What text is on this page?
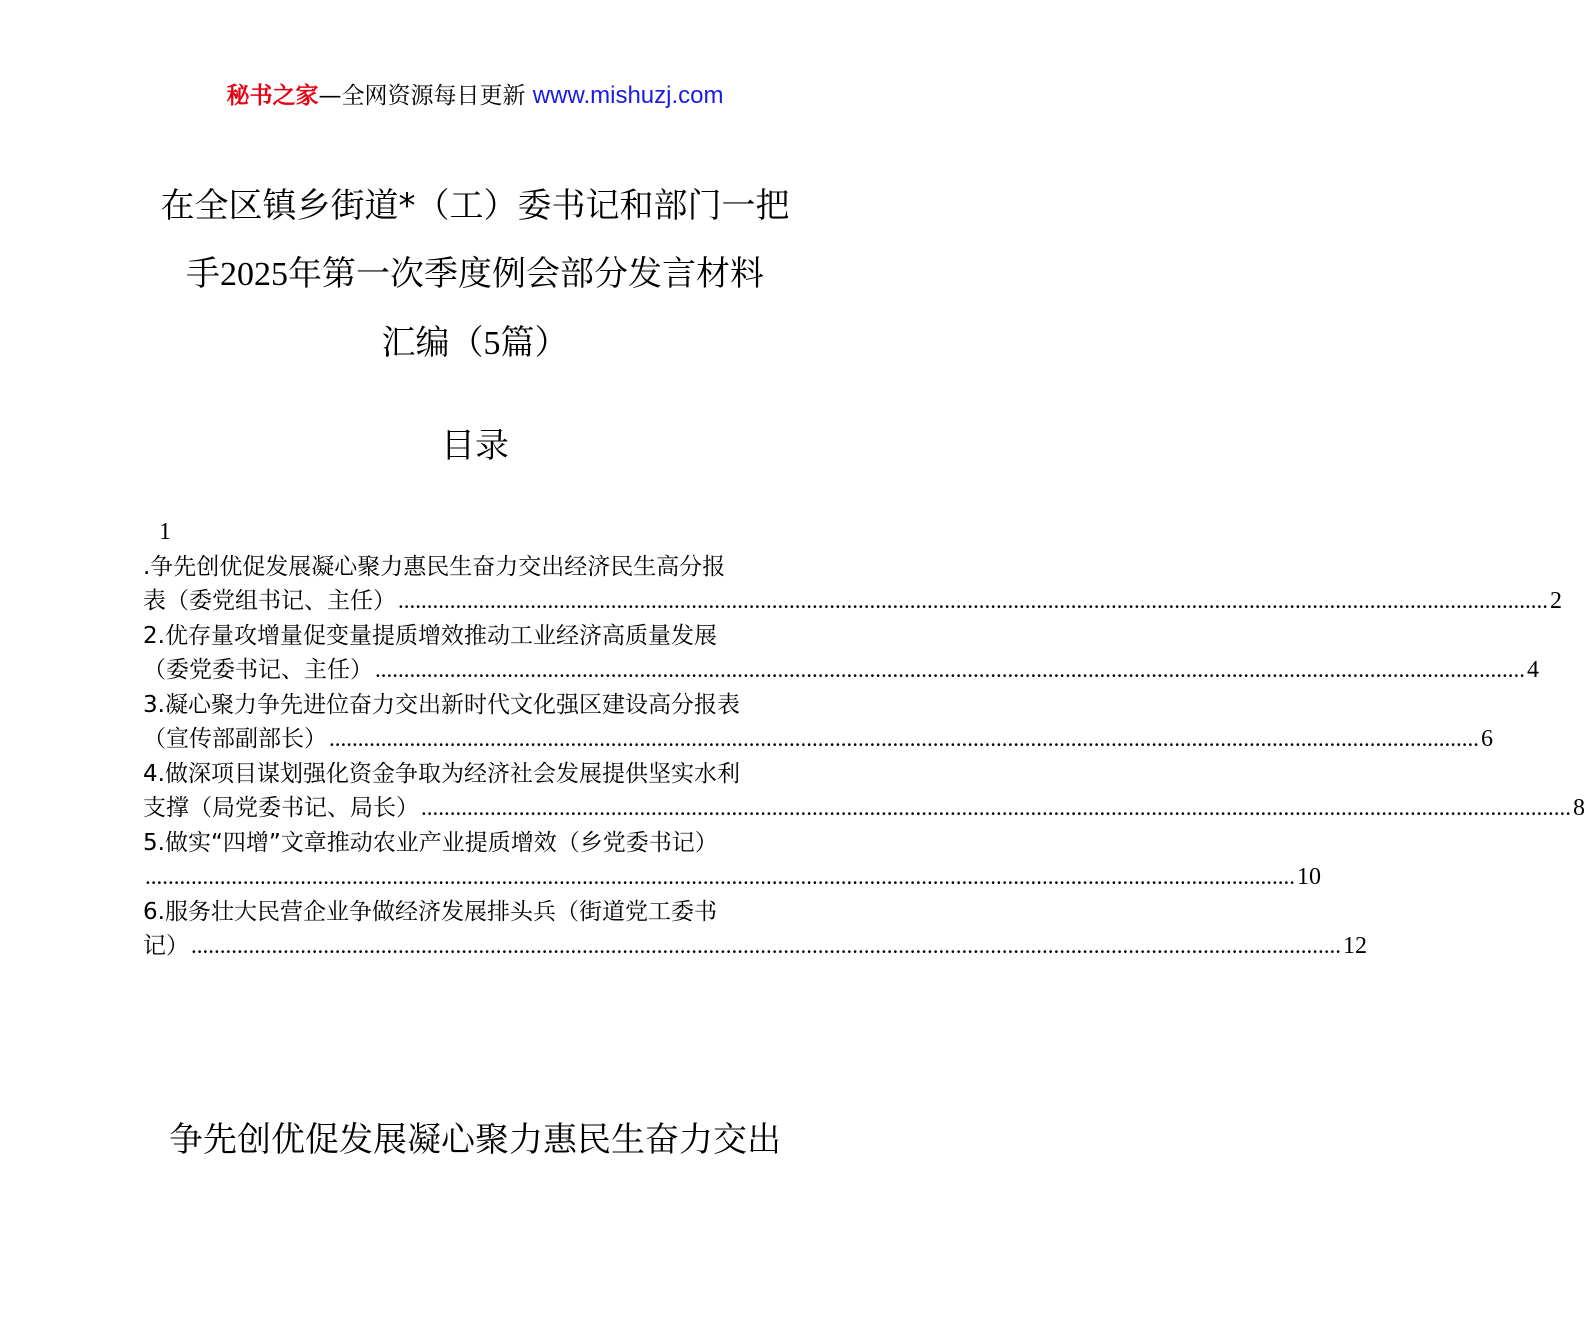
秘书之家—全网资源每日更新 www.mishuzj.com
在全区镇乡街道*（工）委书记和部门一把
手2025年第一次季度例会部分发言材料
汇编（5篇）
目录
1
.争先创优促发展凝心聚力惠民生奋力交出经济民生高分报
表（委党组书记、主任） ........................................................................................................................................................................................................ 2
2.优存量攻增量促变量提质增效推动工业经济高质量发展
（委党委书记、主任） ........................................................................................................................................................................................................ 4
3.凝心聚力争先进位奋力交出新时代文化强区建设高分报表
（宣传部副部长） ........................................................................................................................................................................................................ 6
4.做深项目谋划强化资金争取为经济社会发展提供坚实水利
支撑（局党委书记、局长） ........................................................................................................................................................................................................ 8
5.做实“四增”文章推动农业产业提质增效（乡党委书记）
........................................................................................................................................................................................................ 10
6.服务壮大民营企业争做经济发展排头兵（街道党工委书
记） ........................................................................................................................................................................................................ 12
争先创优促发展凝心聚力惠民生奋力交出
